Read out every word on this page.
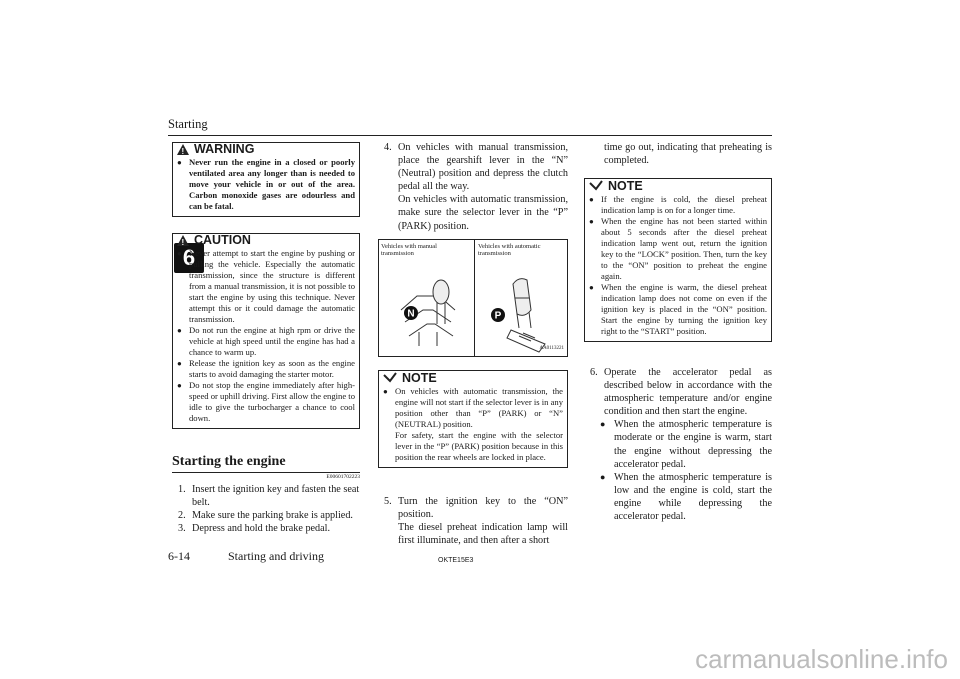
Starting
6
!
WARNING
● Never run the engine in a closed or poorly ventilated area any longer than is needed to move your vehicle in or out of the area. Carbon monoxide gases are odourless and can be fatal.
!
CAUTION
● Never attempt to start the engine by pushing or pulling the vehicle. Especially the automatic transmission, since the structure is different from a manual transmission, it is not possible to start the engine by using this technique. Never attempt this or it could damage the automatic transmission.
● Do not run the engine at high rpm or drive the vehicle at high speed until the engine has had a chance to warm up.
● Release the ignition key as soon as the engine starts to avoid damaging the starter motor.
● Do not stop the engine immediately after high-speed or uphill driving. First allow the engine to idle to give the turbocharger a chance to cool down.
Starting the engine
E00601702223
1. Insert the ignition key and fasten the seat belt.
2. Make sure the parking brake is applied.
3. Depress and hold the brake pedal.
4. On vehicles with manual transmission, place the gearshift lever in the “N” (Neutral) position and depress the clutch pedal all the way.
On vehicles with automatic transmission, make sure the selector lever in the “P” (PARK) position.
Vehicles with manual transmission
Vehicles with automatic transmission
N	P
AA0113221
NOTE
● On vehicles with automatic transmission, the engine will not start if the selector lever is in any position other than “P” (PARK) or “N” (NEUTRAL) position.
For safety, start the engine with the selector lever in the “P” (PARK) position because in this position the rear wheels are locked in place.
5. Turn the ignition key to the “ON” position.
The diesel preheat indication lamp will first illuminate, and then after a short
time go out, indicating that preheating is completed.
NOTE
● If the engine is cold, the diesel preheat indication lamp is on for a longer time.
● When the engine has not been started within about 5 seconds after the diesel preheat indication lamp went out, return the ignition key to the “LOCK” position. Then, turn the key to the “ON” position to preheat the engine again.
● When the engine is warm, the diesel preheat indication lamp does not come on even if the ignition key is placed in the “ON” position. Start the engine by turning the ignition key right to the “START” position.
6. Operate the accelerator pedal as described below in accordance with the atmospheric temperature and/or engine condition and then start the engine.
● When the atmospheric temperature is moderate or the engine is warm, start the engine without depressing the accelerator pedal.
● When the atmospheric temperature is low and the engine is cold, start the engine while depressing the accelerator pedal.
6-14	Starting and driving	OKTE15E3
carmanualsonline.info
